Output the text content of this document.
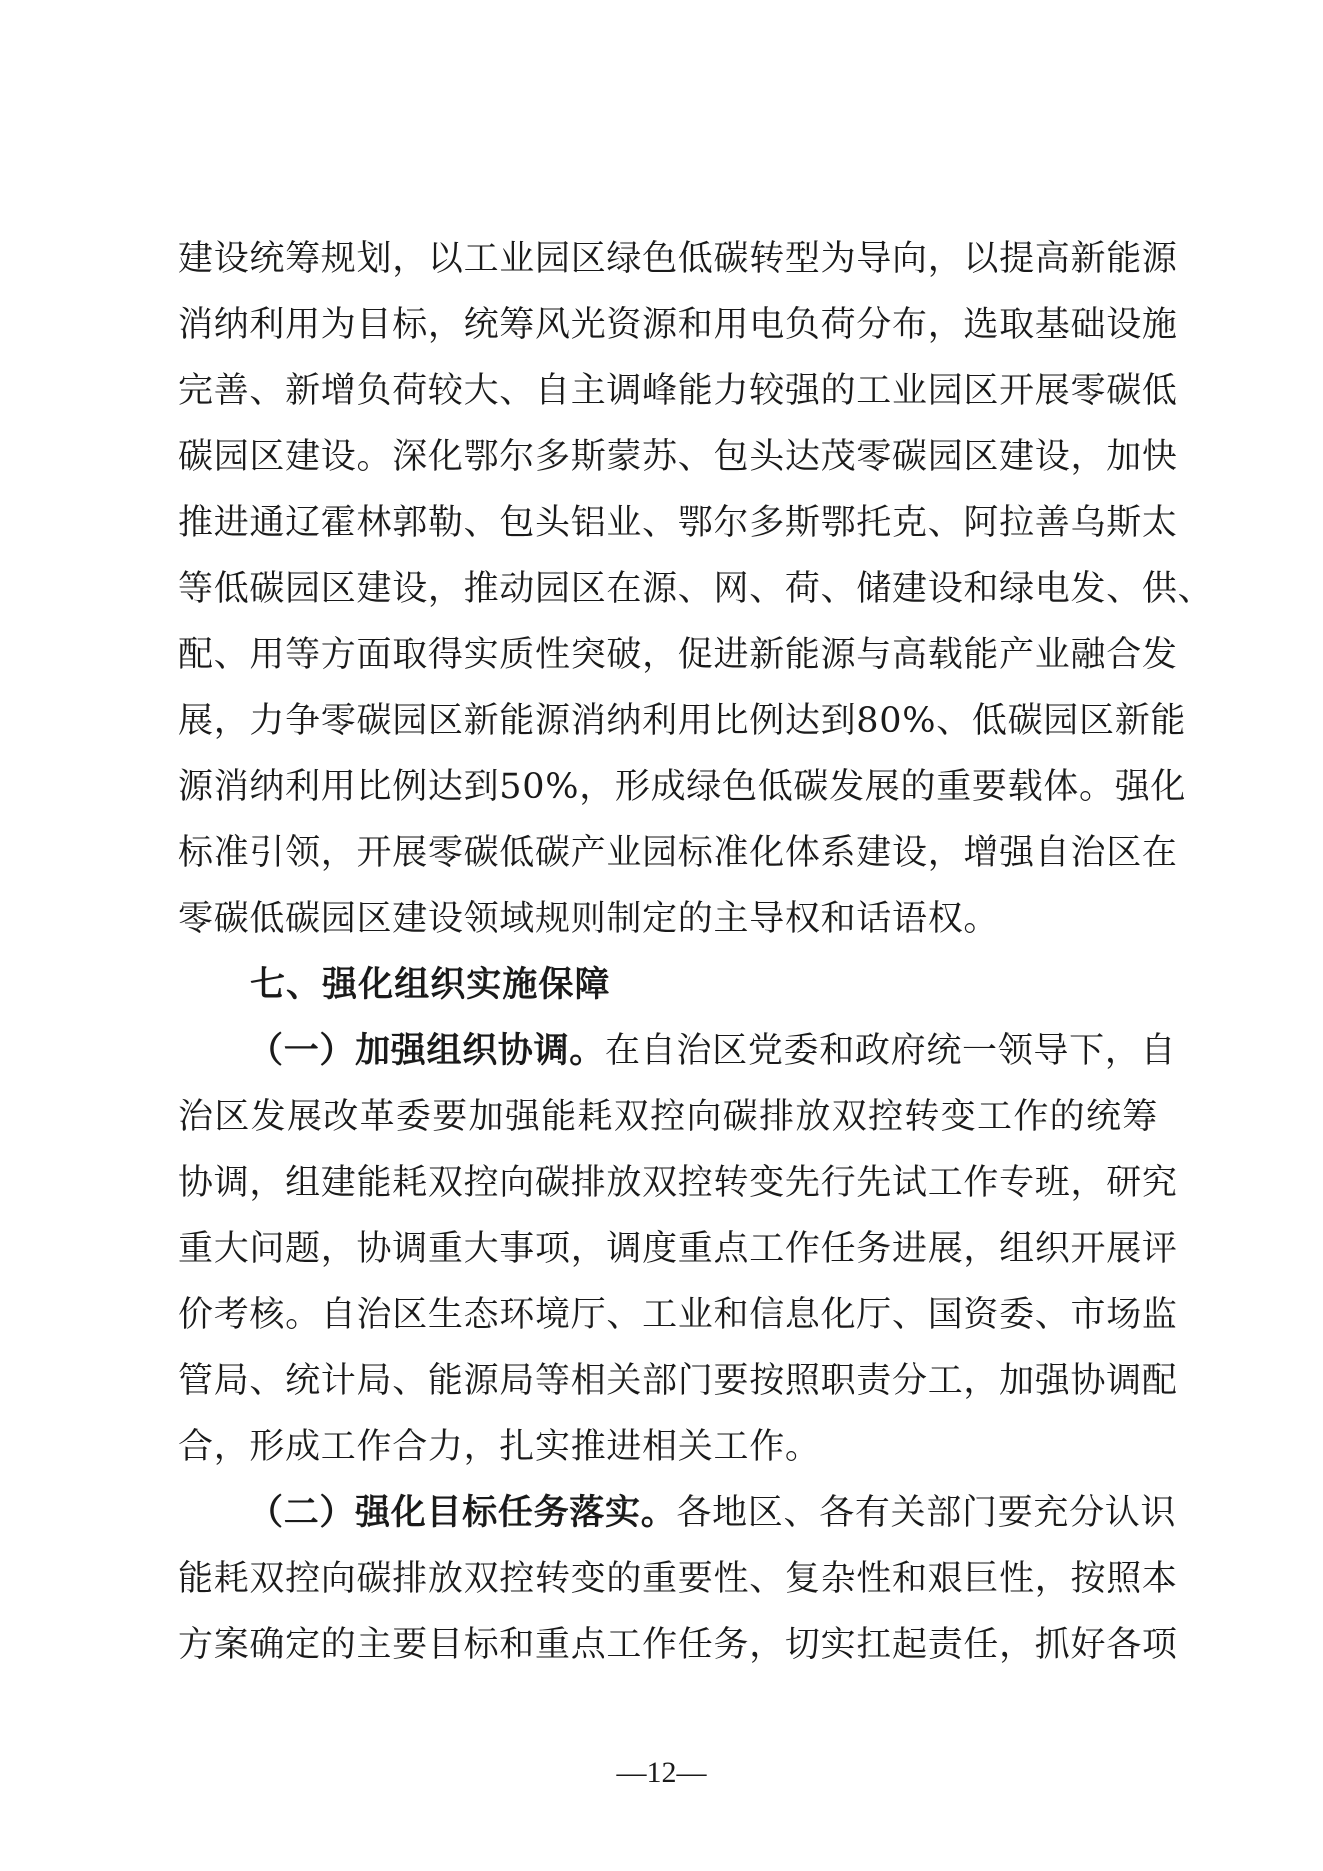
建设统筹规划，以工业园区绿色低碳转型为导向，以提高新能源
消纳利用为目标，统筹风光资源和用电负荷分布，选取基础设施
完善、新增负荷较大、自主调峰能力较强的工业园区开展零碳低
碳园区建设。深化鄂尔多斯蒙苏、包头达茂零碳园区建设，加快
推进通辽霍林郭勒、包头铝业、鄂尔多斯鄂托克、阿拉善乌斯太
等低碳园区建设，推动园区在源、网、荷、储建设和绿电发、供、
配、用等方面取得实质性突破，促进新能源与高载能产业融合发
展，力争零碳园区新能源消纳利用比例达到80%、低碳园区新能
源消纳利用比例达到50%，形成绿色低碳发展的重要载体。强化
标准引领，开展零碳低碳产业园标准化体系建设，增强自治区在
零碳低碳园区建设领域规则制定的主导权和话语权。
七、强化组织实施保障
（一）加强组织协调。在自治区党委和政府统一领导下，自
治区发展改革委要加强能耗双控向碳排放双控转变工作的统筹
协调，组建能耗双控向碳排放双控转变先行先试工作专班，研究
重大问题，协调重大事项，调度重点工作任务进展，组织开展评
价考核。自治区生态环境厅、工业和信息化厅、国资委、市场监
管局、统计局、能源局等相关部门要按照职责分工，加强协调配
合，形成工作合力，扎实推进相关工作。
（二）强化目标任务落实。各地区、各有关部门要充分认识
能耗双控向碳排放双控转变的重要性、复杂性和艰巨性，按照本
方案确定的主要目标和重点工作任务，切实扛起责任，抓好各项
—12—
